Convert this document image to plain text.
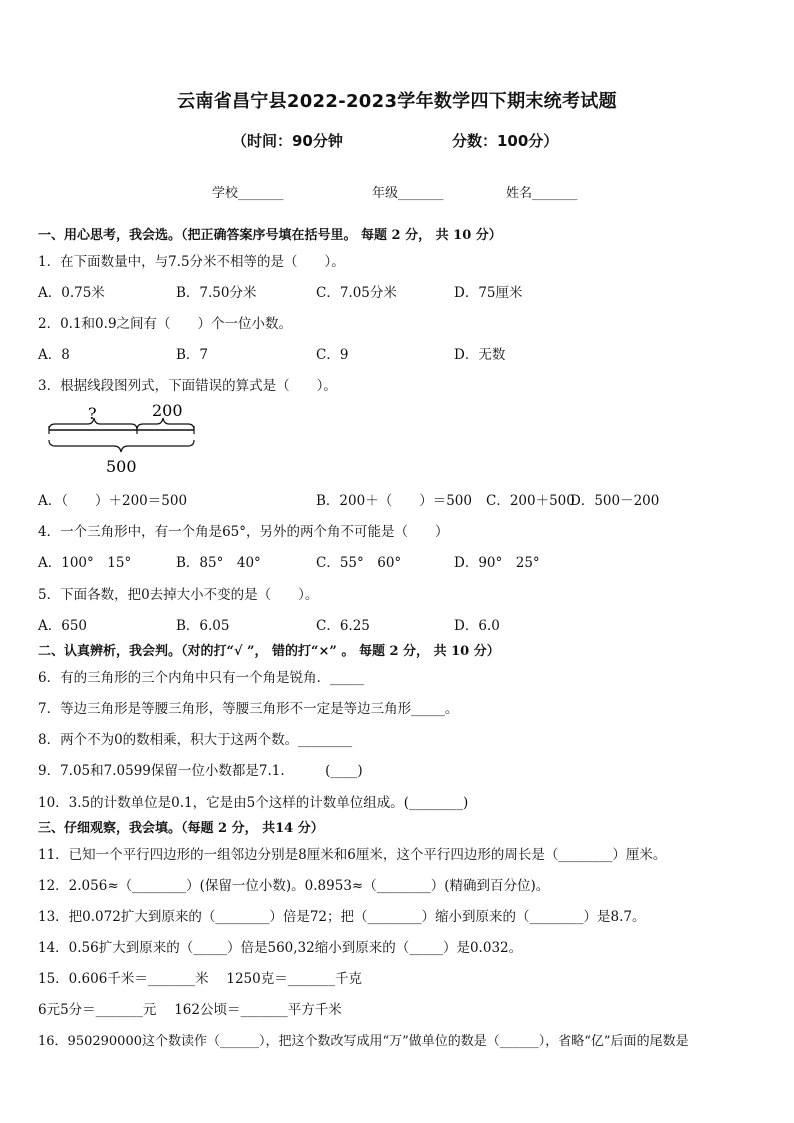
云南省昌宁县2022-2023学年数学四下期末统考试题
（时间：90分钟	分数：100分）
学校_______	年级_______	姓名_______
一、用心思考，我会选。（把正确答案序号填在括号里。 每题 2 分， 共 10 分）
1．在下面数量中，与7.5分米不相等的是（　　）。
A．0.75米	B．7.50分米	C．7.05分米	D．75厘米
2．0.1和0.9之间有（　　）个一位小数。
A．8	B．7	C．9	D．无数
3．根据线段图列式，下面错误的算式是（　　）。
?	200
500
A．（　　）＋200＝500	B．200＋（　　）＝500 C．200＋500
D．500－200
4．一个三角形中，有一个角是65°，另外的两个角不可能是（　　）
A．100°　15°	B．85°　40°	C．55°　60°	D．90°　25°
5．下面各数，把0去掉大小不变的是（　　）。
A．650	B．6.05	C．6.25	D．6.0
二、认真辨析，我会判。（对的打“√ ”， 错的打“×” 。 每题 2 分， 共 10 分）
6．有的三角形的三个内角中只有一个角是锐角．_____
7．等边三角形是等腰三角形，等腰三角形不一定是等边三角形_____。
8．两个不为0的数相乘，积大于这两个数。________
9．7.05和7.0599保留一位小数都是7.1.　　　(____)
10．3.5的计数单位是0.1，它是由5个这样的计数单位组成。(________)
三、仔细观察，我会填。（每题 2 分， 共14 分）
11．已知一个平行四边形的一组邻边分别是8厘米和6厘米，这个平行四边形的周长是（________）厘米。
12．2.056≈（________）(保留一位小数)。0.8953≈（________）(精确到百分位)。
13．把0.072扩大到原来的（________）倍是72；把（________）缩小到原来的（________）是8.7。
14．0.56扩大到原来的（_____）倍是560,32缩小到原来的（_____）是0.032。
15．0.606千米＝_______米　 1250克＝_______千克
6元5分＝_______元　 162公顷＝_______平方千米
16．950290000这个数读作（______），把这个数改写成用“万”做单位的数是（______），省略“亿”后面的尾数是
